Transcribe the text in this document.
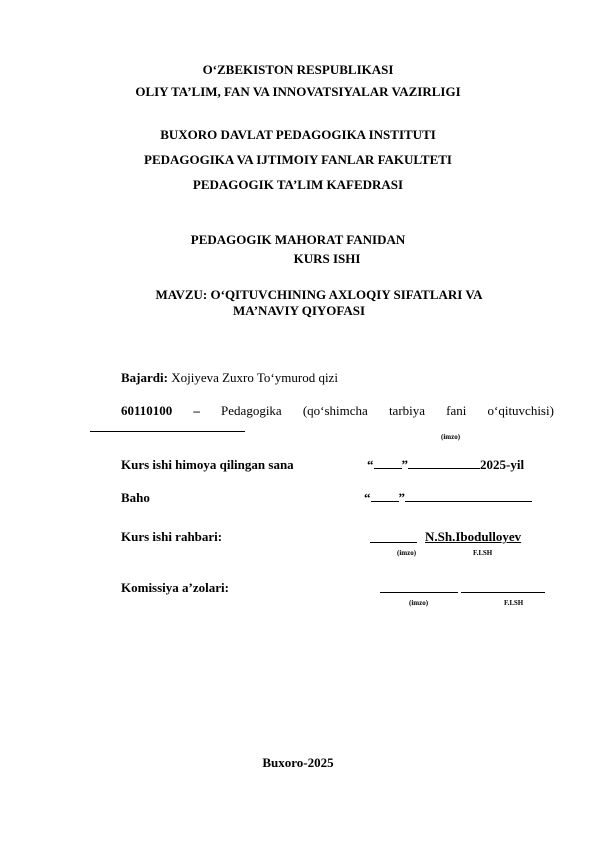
O‘ZBEKISTON RESPUBLIKASI
OLIY TA’LIM, FAN VA INNOVATSIYALAR VAZIRLIGI
BUXORO DAVLAT PEDAGOGIKA INSTITUTI
PEDAGOGIKA VA IJTIMOIY FANLAR FAKULTETI
PEDAGOGIK TA’LIM KAFEDRASI
PEDAGOGIK MAHORAT FANIDAN
KURS ISHI
MAVZU: O‘QITUVCHINING AXLOQIY SIFATLARI VA
MA’NAVIY QIYOFASI
Bajardi: Xojiyeva Zuxro To‘ymurod qizi
60110100 – Pedagogika (qo‘shimcha tarbiya fani o‘qituvchisi)
(imzo)
Kurs ishi himoya qilingan sana	“ ”	2025-yil
Baho	“ ”
Kurs ishi rahbari:	N.Sh.Ibodulloyev
(imzo)	F.I.SH
Komissiya a’zolari:
(imzo)	F.I.SH
Buxoro-2025
